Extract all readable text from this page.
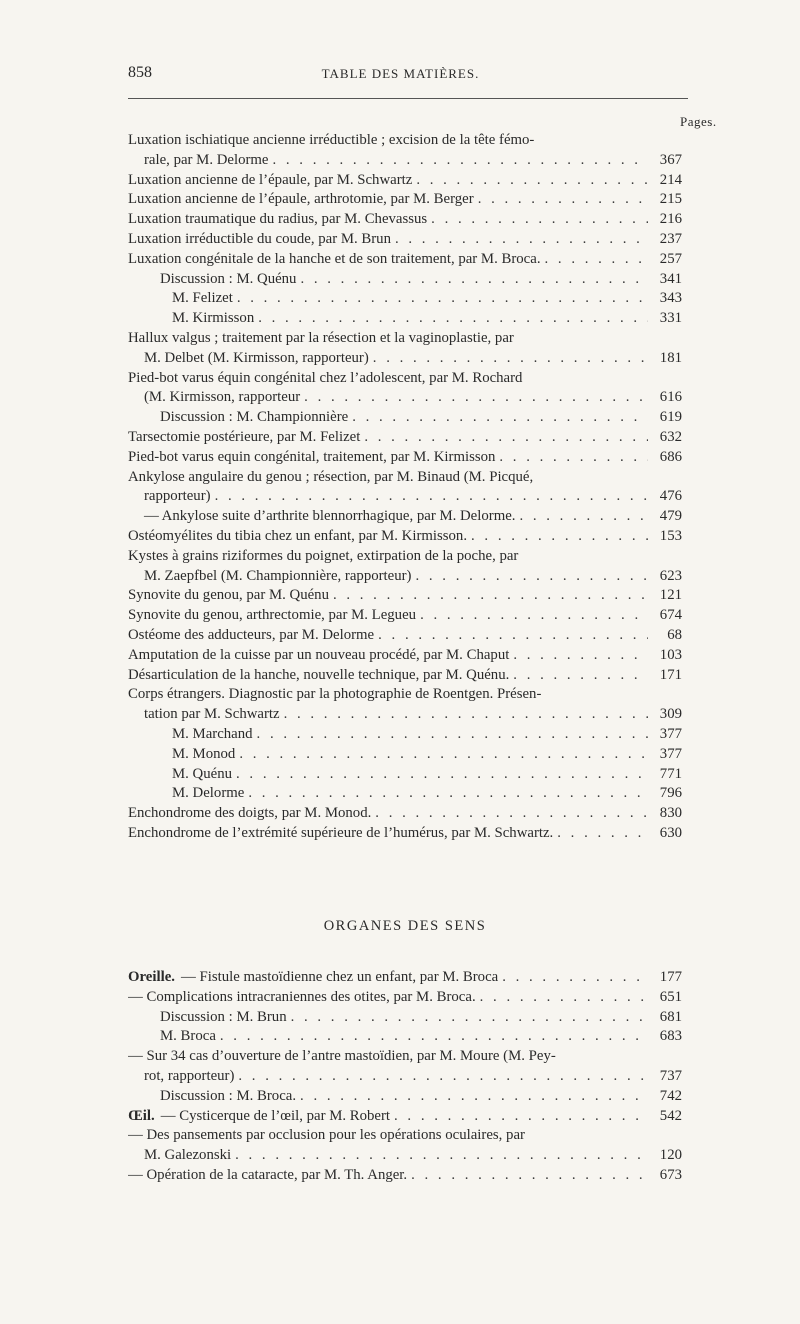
858	TABLE DES MATIÈRES.
Pages.
Luxation ischiatique ancienne irréductible ; excision de la tête fémo-
rale, par M. Delorme . . .	367
Luxation ancienne de l’épaule, par M. Schwartz . . .	214
Luxation ancienne de l’épaule, arthrotomie, par M. Berger . . .	215
Luxation traumatique du radius, par M. Chevassus . . .	216
Luxation irréductible du coude, par M. Brun . . .	237
Luxation congénitale de la hanche et de son traitement, par M. Broca. . . .	257
Discussion : M. Quénu . . .	341
M. Felizet . . .	343
M. Kirmisson . . .	331
Hallux valgus ; traitement par la résection et la vaginoplastie, par
M. Delbet (M. Kirmisson, rapporteur) . . .	181
Pied-bot varus équin congénital chez l’adolescent, par M. Rochard
(M. Kirmisson, rapporteur . . .	616
Discussion : M. Championnière . . .	619
Tarsectomie postérieure, par M. Felizet . . .	632
Pied-bot varus equin congénital, traitement, par M. Kirmisson . . .	686
Ankylose angulaire du genou ; résection, par M. Binaud (M. Picqué,
rapporteur) . . .	476
— Ankylose suite d’arthrite blennorrhagique, par M. Delorme. . . .	479
Ostéomyélites du tibia chez un enfant, par M. Kirmisson. . . .	153
Kystes à grains riziformes du poignet, extirpation de la poche, par
M. Zaepfbel (M. Championnière, rapporteur) . . .	623
Synovite du genou, par M. Quénu . . .	121
Synovite du genou, arthrectomie, par M. Legueu . . .	674
Ostéome des adducteurs, par M. Delorme . . .	68
Amputation de la cuisse par un nouveau procédé, par M. Chaput . . .	103
Désarticulation de la hanche, nouvelle technique, par M. Quénu. . . .	171
Corps étrangers. Diagnostic par la photographie de Roentgen. Présen-
tation par M. Schwartz . . .	309
M. Marchand . . .	377
M. Monod . . .	377
M. Quénu . . .	771
M. Delorme . . .	796
Enchondrome des doigts, par M. Monod. . . .	830
Enchondrome de l’extrémité supérieure de l’humérus, par M. Schwartz. . . .	630
ORGANES DES SENS
Oreille. — Fistule mastoïdienne chez un enfant, par M. Broca . . .	177
— Complications intracraniennes des otites, par M. Broca. . . .	651
Discussion : M. Brun . . .	681
M. Broca . . .	683
— Sur 34 cas d’ouverture de l’antre mastoïdien, par M. Moure (M. Pey-
rot, rapporteur) . . .	737
Discussion : M. Broca. . . .	742
Œil. — Cysticerque de l’œil, par M. Robert . . .	542
— Des pansements par occlusion pour les opérations oculaires, par
M. Galezonski . . .	120
— Opération de la cataracte, par M. Th. Anger. . . .	673
